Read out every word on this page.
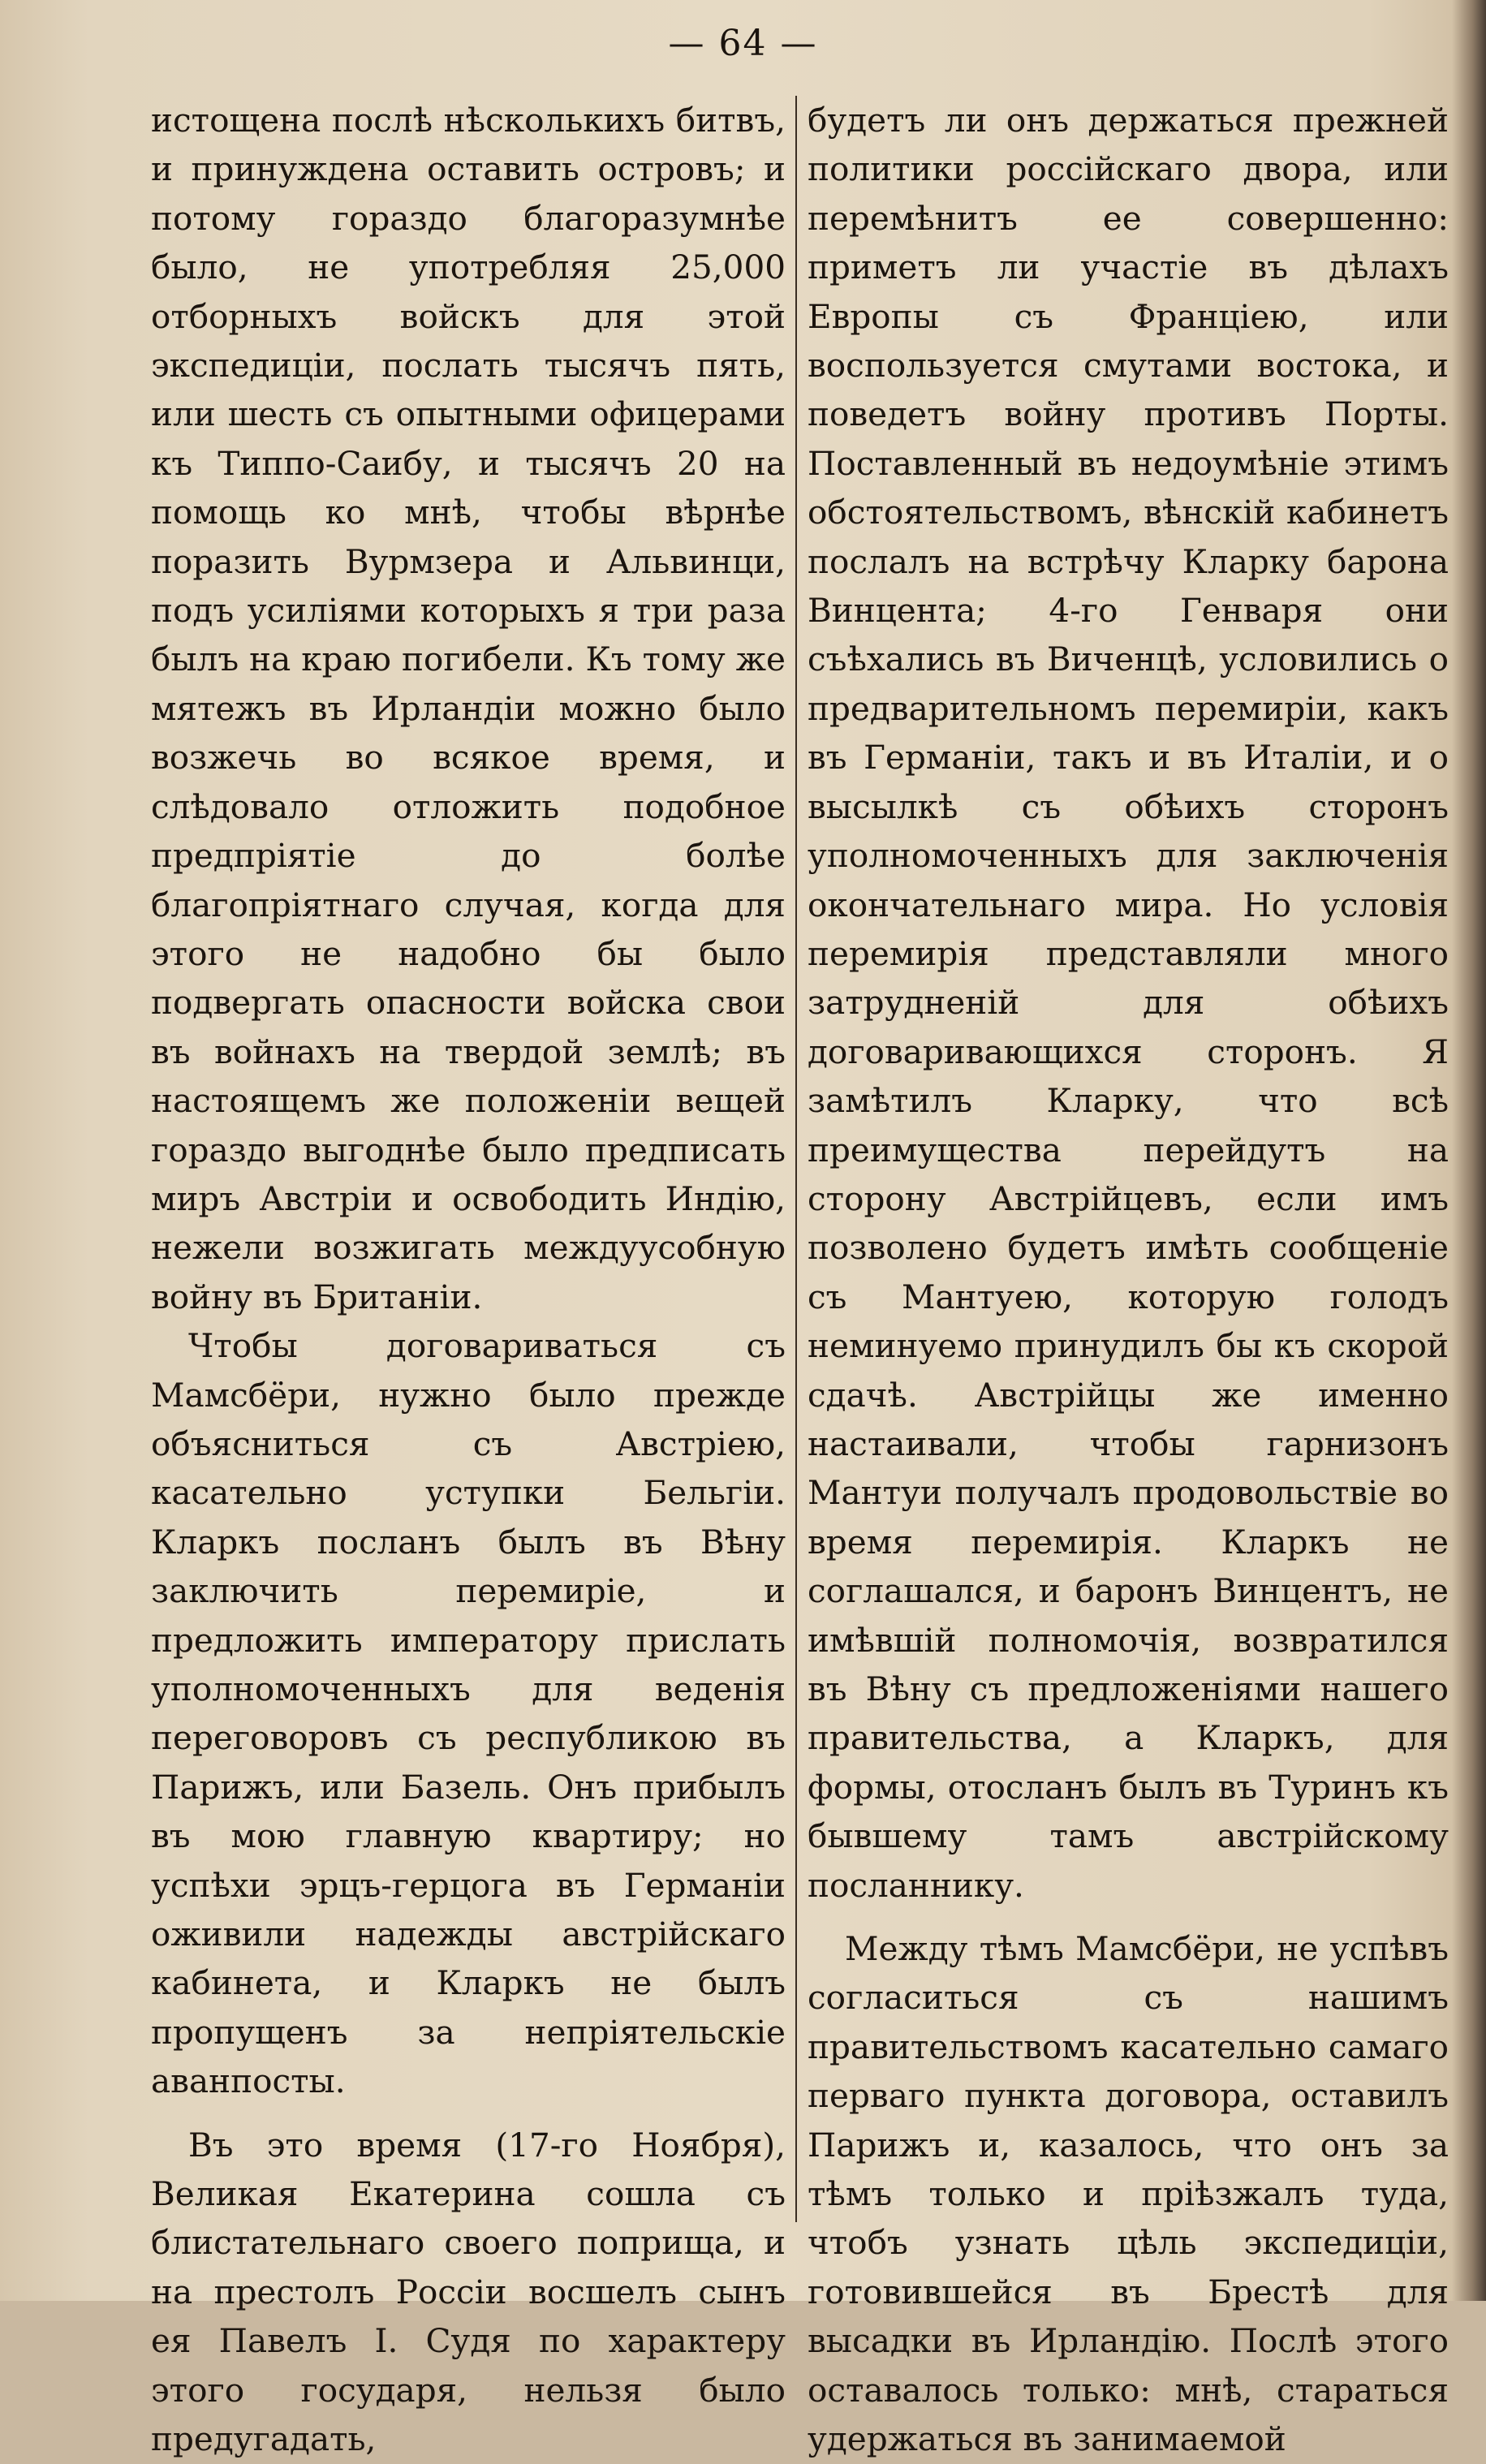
— 64 —

истощена послѣ нѣсколькихъ битвъ, и принуждена оставить островъ; и потому гораздо благоразумнѣе было, не употребляя 25,000 отборныхъ войскъ для этой экспедиціи, послать тысячъ пять, или шесть съ опытными офицерами къ Типпо-Саибу, и тысячъ 20 на помощь ко мнѣ, чтобы вѣрнѣе поразить Вурмзера и Альвинци, подъ усиліями которыхъ я три раза былъ на краю погибели. Къ тому же мятежъ въ Ирландіи можно было возжечь во всякое время, и слѣдовало отложить подобное предпріятіе до болѣе благопріятнаго случая, когда для этого не надобно бы было подвергать опасности войска свои въ войнахъ на твердой землѣ; въ настоящемъ же положеніи вещей гораздо выгоднѣе было предписать миръ Австріи и освободить Индію, нежели возжигать междуусобную войну въ Британіи.

Чтобы договариваться съ Мамсбёри, нужно было прежде объясниться съ Австріею, касательно уступки Бельгіи. Кларкъ посланъ былъ въ Вѣну заключить перемиріе, и предложить императору прислать уполномоченныхъ для веденія переговоровъ съ республикою въ Парижъ, или Базель. Онъ прибылъ въ мою главную квартиру; но успѣхи эрцъ-герцога въ Германіи оживили надежды австрійскаго кабинета, и Кларкъ не былъ пропущенъ за непріятельскіе аванпосты.

Въ это время (17-го Ноября), Великая Екатерина сошла съ блистательнаго своего поприща, и на престолъ Россіи восшелъ сынъ ея Павелъ I. Судя по характеру этого государя, нельзя было предугадать,

будетъ ли онъ держаться прежней политики россійскаго двора, или перемѣнитъ ее совершенно: приметъ ли участіе въ дѣлахъ Европы съ Франціею, или воспользуется смутами востока, и поведетъ войну противъ Порты. Поставленный въ недоумѣніе этимъ обстоятельствомъ, вѣнскій кабинетъ послалъ на встрѣчу Кларку барона Винцента; 4-го Генваря они съѣхались въ Виченцѣ, условились о предварительномъ перемиріи, какъ въ Германіи, такъ и въ Италіи, и о высылкѣ съ обѣихъ сторонъ уполномоченныхъ для заключенія окончательнаго мира. Но условія перемирія представляли много затрудненій для обѣихъ договаривающихся сторонъ. Я замѣтилъ Кларку, что всѣ преимущества перейдутъ на сторону Австрійцевъ, если имъ позволено будетъ имѣть сообщеніе съ Мантуею, которую голодъ неминуемо принудилъ бы къ скорой сдачѣ. Австрійцы же именно настаивали, чтобы гарнизонъ Мантуи получалъ продовольствіе во время перемирія. Кларкъ не соглашался, и баронъ Винцентъ, не имѣвшій полномочія, возвратился въ Вѣну съ предложеніями нашего правительства, а Кларкъ, для формы, отосланъ былъ въ Туринъ къ бывшему тамъ австрійскому посланнику.

Между тѣмъ Мамсбёри, не успѣвъ согласиться съ нашимъ правительствомъ касательно самаго перваго пункта договора, оставилъ Парижъ и, казалось, что онъ за тѣмъ только и пріѣзжалъ туда, чтобъ узнать цѣль экспедиціи, готовившейся въ Брестѣ для высадки въ Ирландію. Послѣ этого оставалось только: мнѣ, стараться удержаться въ занимаемой
